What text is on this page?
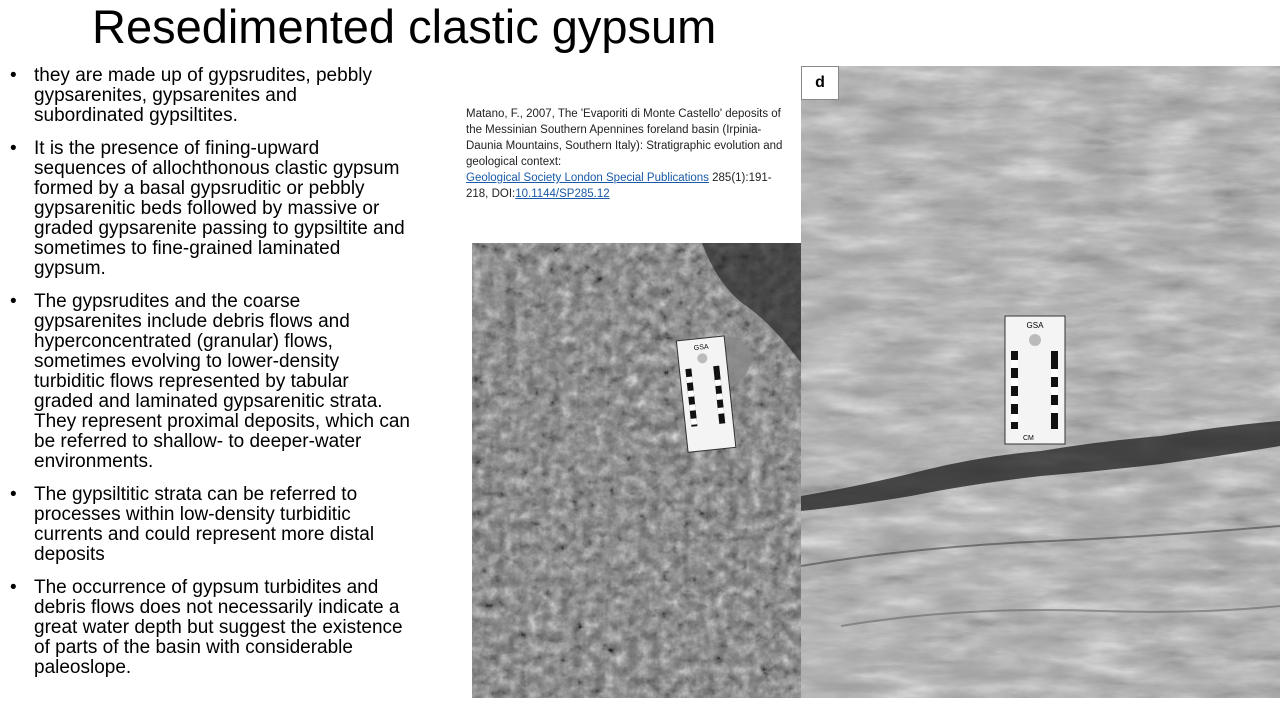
Resedimented clastic gypsum
• they are made up of gypsrudites, pebbly gypsarenites, gypsarenites and subordinated gypsiltites.
• It is the presence of fining-upward sequences of allochthonous clastic gypsum formed by a basal gypsruditic or pebbly gypsarenitic beds followed by massive or graded gypsarenite passing to gypsiltite and sometimes to fine-grained laminated gypsum.
• The gypsrudites and the coarse gypsarenites include debris flows and hyperconcentrated (granular) flows, sometimes evolving to lower-density turbiditic flows represented by tabular graded and laminated gypsarenitic strata. They represent proximal deposits, which can be referred to shallow- to deeper-water environments.
• The gypsiltitic strata can be referred to processes within low-density turbiditic currents and could represent more distal deposits
• The occurrence of gypsum turbidites and debris flows does not necessarily indicate a great water depth but suggest the existence of parts of the basin with considerable paleoslope.
Matano, F., 2007, The 'Evaporiti di Monte Castello' deposits of the Messinian Southern Apennines foreland basin (Irpinia-Daunia Mountains, Southern Italy): Stratigraphic evolution and geological context:
Geological Society London Special Publications 285(1):191-218, DOI:10.1144/SP285.12
GSA
GSA
CM
d
